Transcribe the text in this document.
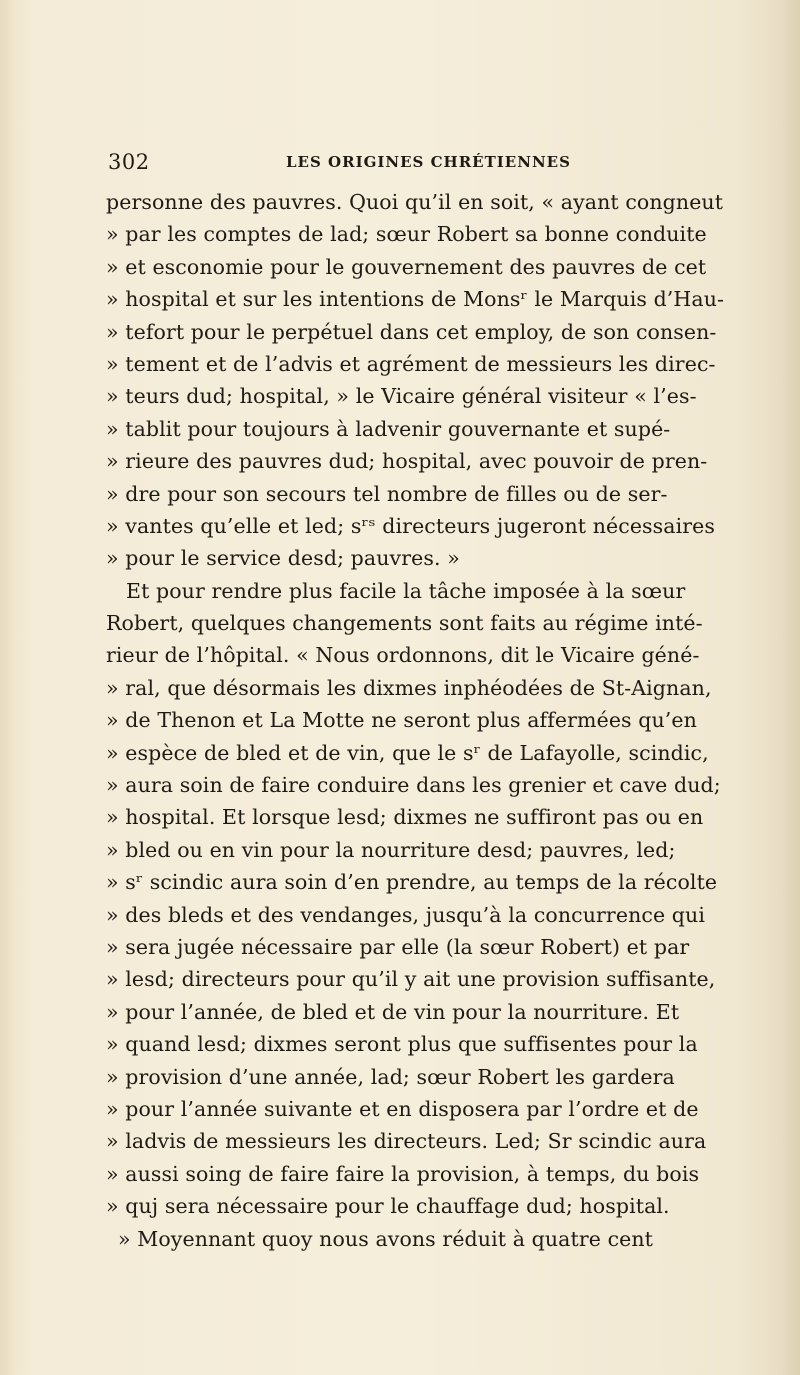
302	LES ORIGINES CHRÉTIENNES
personne des pauvres. Quoi qu’il en soit, « ayant congneut
» par les comptes de lad; sœur Robert sa bonne conduite
» et esconomie pour le gouvernement des pauvres de cet
» hospital et sur les intentions de Monsʳ le Marquis d’Hau-
» tefort pour le perpétuel dans cet employ, de son consen-
» tement et de l’advis et agrément de messieurs les direc-
» teurs dud; hospital, » le Vicaire général visiteur « l’es-
» tablit pour toujours à ladvenir gouvernante et supé-
» rieure des pauvres dud; hospital, avec pouvoir de pren-
» dre pour son secours tel nombre de filles ou de ser-
» vantes qu’elle et led; sʳˢ directeurs jugeront nécessaires
» pour le service desd; pauvres. »
Et pour rendre plus facile la tâche imposée à la sœur
Robert, quelques changements sont faits au régime inté-
rieur de l’hôpital. « Nous ordonnons, dit le Vicaire géné-
» ral, que désormais les dixmes inphéodées de St-Aignan,
» de Thenon et La Motte ne seront plus affermées qu’en
» espèce de bled et de vin, que le sʳ de Lafayolle, scindic,
» aura soin de faire conduire dans les grenier et cave dud;
» hospital. Et lorsque lesd; dixmes ne suffiront pas ou en
» bled ou en vin pour la nourriture desd; pauvres, led;
» sʳ scindic aura soin d’en prendre, au temps de la récolte
» des bleds et des vendanges, jusqu’à la concurrence qui
» sera jugée nécessaire par elle (la sœur Robert) et par
» lesd; directeurs pour qu’il y ait une provision suffisante,
» pour l’année, de bled et de vin pour la nourriture. Et
» quand lesd; dixmes seront plus que suffisentes pour la
» provision d’une année, lad; sœur Robert les gardera
» pour l’année suivante et en disposera par l’ordre et de
» ladvis de messieurs les directeurs. Led; Sr scindic aura
» aussi soing de faire faire la provision, à temps, du bois
» quj sera nécessaire pour le chauffage dud; hospital.
» Moyennant quoy nous avons réduit à quatre cent
